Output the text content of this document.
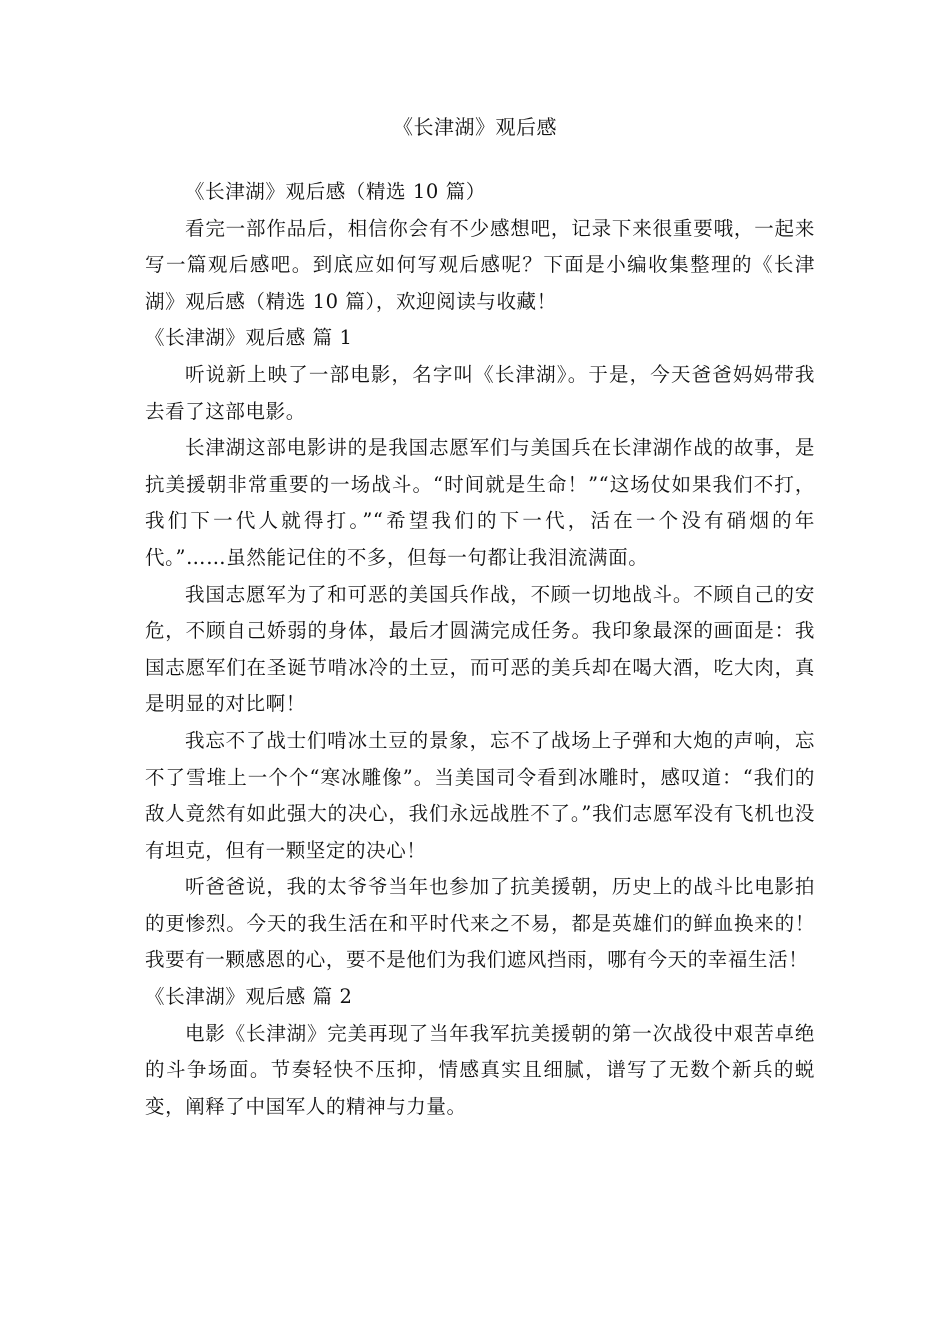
《长津湖》观后感

《长津湖》观后感（精选 10 篇）

看完一部作品后，相信你会有不少感想吧，记录下来很重要哦，一起来写一篇观后感吧。到底应如何写观后感呢？下面是小编收集整理的《长津湖》观后感（精选 10 篇），欢迎阅读与收藏！

《长津湖》观后感 篇 1

听说新上映了一部电影，名字叫《长津湖》。于是，今天爸爸妈妈带我去看了这部电影。

长津湖这部电影讲的是我国志愿军们与美国兵在长津湖作战的故事，是抗美援朝非常重要的一场战斗。“时间就是生命！”“这场仗如果我们不打，我们下一代人就得打。”“希望我们的下一代，活在一个没有硝烟的年代。”……虽然能记住的不多，但每一句都让我泪流满面。

我国志愿军为了和可恶的美国兵作战，不顾一切地战斗。不顾自己的安危，不顾自己娇弱的身体，最后才圆满完成任务。我印象最深的画面是：我国志愿军们在圣诞节啃冰冷的土豆，而可恶的美兵却在喝大酒，吃大肉，真是明显的对比啊！

我忘不了战士们啃冰土豆的景象，忘不了战场上子弹和大炮的声响，忘不了雪堆上一个个“寒冰雕像”。当美国司令看到冰雕时，感叹道：“我们的敌人竟然有如此强大的决心，我们永远战胜不了。”我们志愿军没有飞机也没有坦克，但有一颗坚定的决心！

听爸爸说，我的太爷爷当年也参加了抗美援朝，历史上的战斗比电影拍的更惨烈。今天的我生活在和平时代来之不易，都是英雄们的鲜血换来的！我要有一颗感恩的心，要不是他们为我们遮风挡雨，哪有今天的幸福生活！

《长津湖》观后感 篇 2

电影《长津湖》完美再现了当年我军抗美援朝的第一次战役中艰苦卓绝的斗争场面。节奏轻快不压抑，情感真实且细腻，谱写了无数个新兵的蜕变，阐释了中国军人的精神与力量。
